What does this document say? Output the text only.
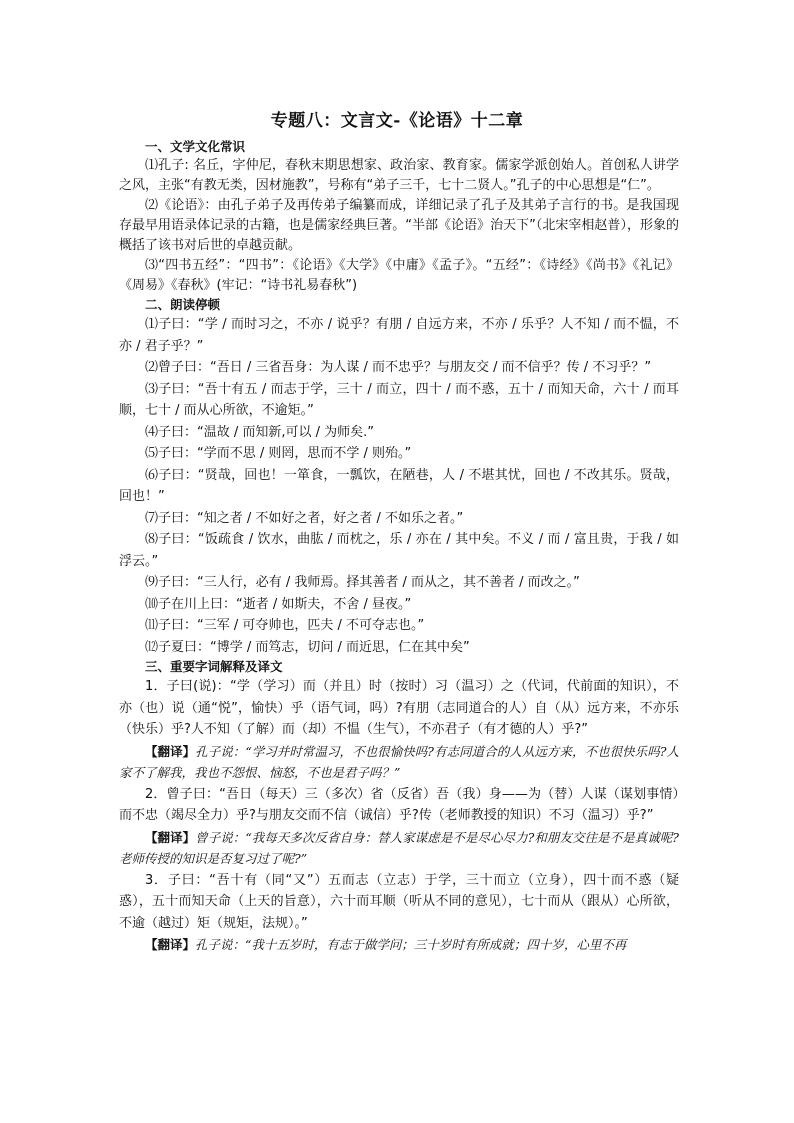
专题八：文言文-《论语》十二章

一、文学文化常识

⑴孔子: 名丘，字仲尼，春秋末期思想家、政治家、教育家。儒家学派创始人。首创私人讲学之风，主张“有教无类，因材施教”，号称有“弟子三千，七十二贤人。”孔子的中心思想是“仁”。

⑵《论语》：由孔子弟子及再传弟子编纂而成，详细记录了孔子及其弟子言行的书。是我国现存最早用语录体记录的古籍，也是儒家经典巨著。“半部《论语》治天下”（北宋宰相赵普），形象的概括了该书对后世的卓越贡献。

⑶“四书五经”：“四书”：《论语》《大学》《中庸》《孟子》。“五经”：《诗经》《尚书》《礼记》《周易》《春秋》(牢记：“诗书礼易春秋”)

二、朗读停顿

⑴子曰：“学 / 而时习之，不亦 / 说乎？有朋 / 自远方来，不亦 / 乐乎？人不知 / 而不愠，不亦 / 君子乎？”

⑵曾子曰：“吾日 / 三省吾身：为人谋 / 而不忠乎？与朋友交 / 而不信乎？传 / 不习乎？”

⑶子曰：“吾十有五 / 而志于学，三十 / 而立，四十 / 而不惑，五十 / 而知天命，六十 / 而耳顺，七十 / 而从心所欲，不逾矩。”

⑷子曰：“温故 / 而知新,可以 / 为师矣.”

⑸子曰：“学而不思 / 则罔，思而不学 / 则殆。”

⑹子曰：“贤哉，回也！一箪食，一瓢饮，在陋巷，人 / 不堪其忧，回也 / 不改其乐。贤哉，回也！”

⑺子曰：“知之者 / 不如好之者，好之者 / 不如乐之者。”

⑻子曰：“饭疏食 / 饮水，曲肱 / 而枕之，乐 / 亦在 / 其中矣。不义 / 而 / 富且贵，于我 / 如浮云。”

⑼子曰：“三人行，必有 / 我师焉。择其善者 / 而从之，其不善者 / 而改之。”

⑽子在川上曰：“逝者 / 如斯夫，不舍 / 昼夜。”

⑾子曰：“三军 / 可夺帅也，匹夫 / 不可夺志也。”

⑿子夏曰：“博学 / 而笃志，切问 / 而近思，仁在其中矣”

三、重要字词解释及译文

1．子曰(说)：“学（学习）而（并且）时（按时）习（温习）之（代词，代前面的知识），不亦（也）说（通“悦”，愉快）乎（语气词，吗）?有朋（志同道合的人）自（从）远方来，不亦乐（快乐）乎?人不知（了解）而（却）不愠（生气），不亦君子（有才德的人）乎?”

【翻译】孔子说：“学习并时常温习，不也很愉快吗?有志同道合的人从远方来，不也很快乐吗?人家不了解我，我也不怨恨、恼怒，不也是君子吗？”

2．曾子曰：“吾日（每天）三（多次）省（反省）吾（我）身——为（替）人谋（谋划事情）而不忠（竭尽全力）乎?与朋友交而不信（诚信）乎?传（老师教授的知识）不习（温习）乎?”

【翻译】曾子说：“我每天多次反省自身：替人家谋虑是不是尽心尽力?和朋友交往是不是真诚呢?老师传授的知识是否复习过了呢?”

3．子曰：“吾十有（同“又”）五而志（立志）于学，三十而立（立身），四十而不惑（疑惑），五十而知天命（上天的旨意），六十而耳顺（听从不同的意见），七十而从（跟从）心所欲，不逾（越过）矩（规矩，法规）。”

【翻译】孔子说：“我十五岁时，有志于做学问；三十岁时有所成就；四十岁，心里不再
